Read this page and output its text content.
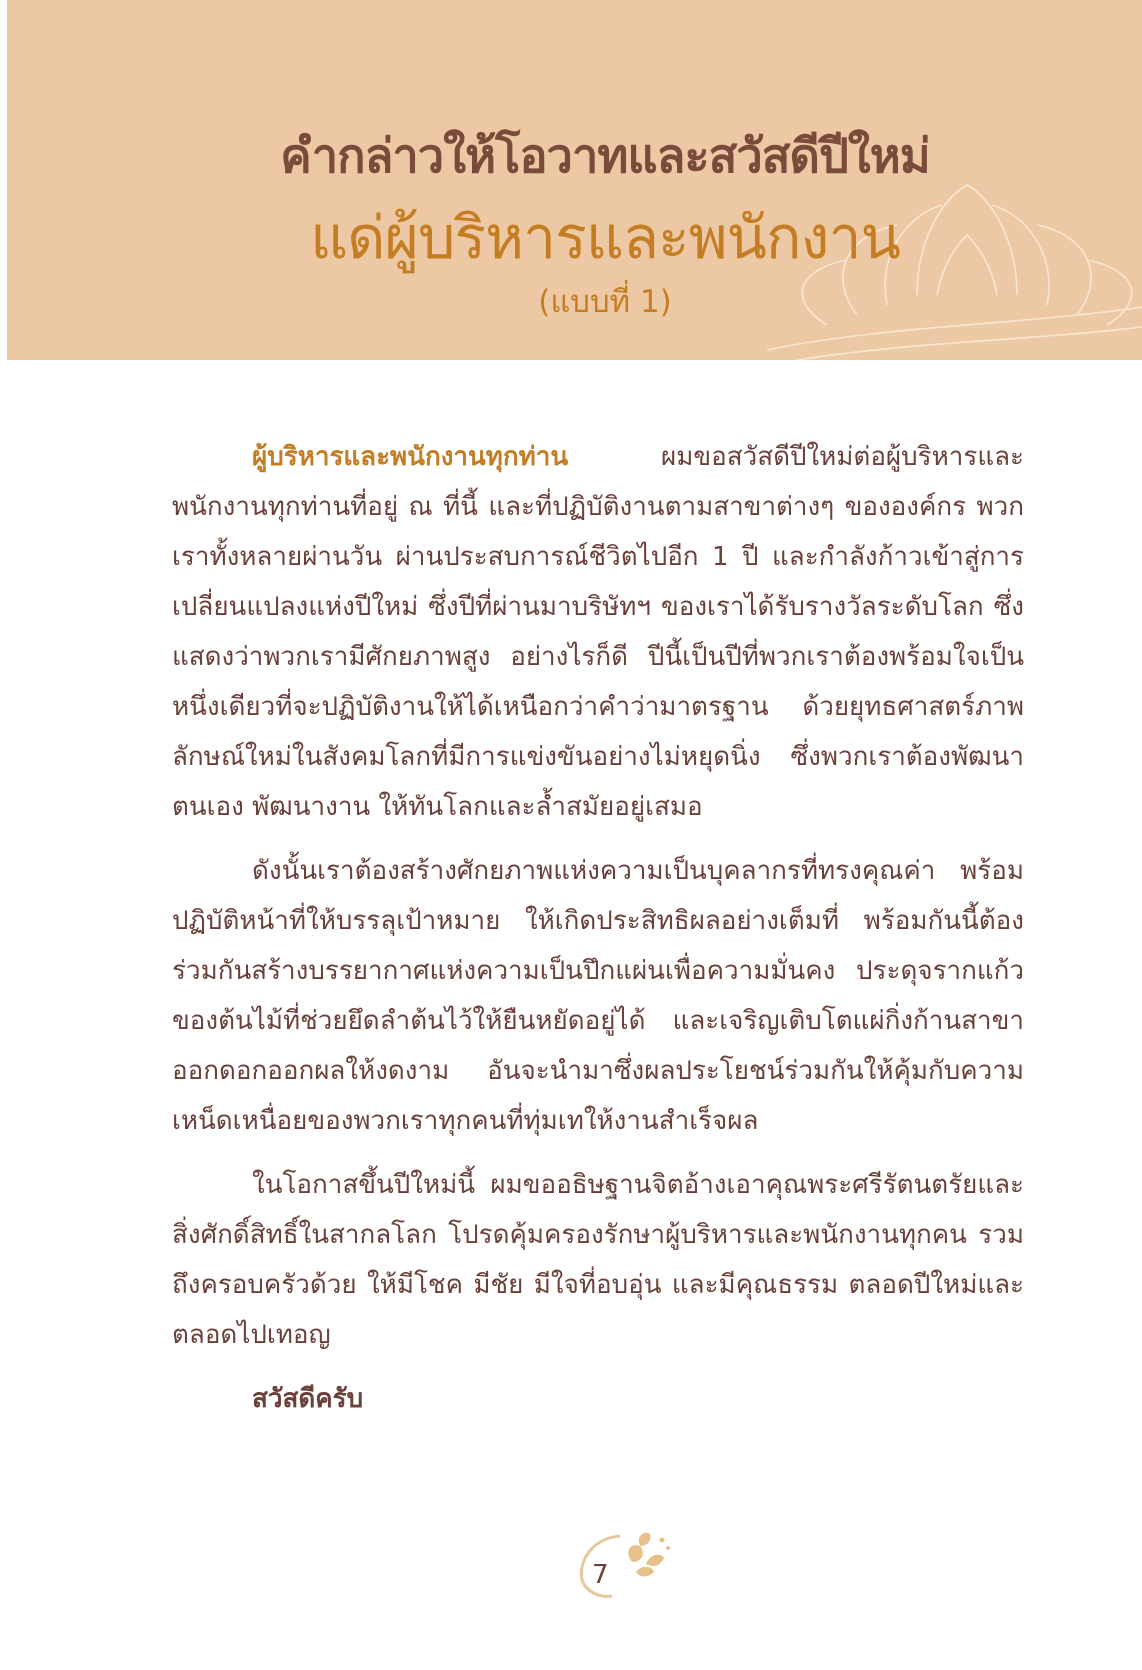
คำกล่าวให้โอวาทและสวัสดีปีใหม่
แด่ผู้บริหารและพนักงาน
(แบบที่ 1)

ผู้บริหารและพนักงานทุกท่าน ผมขอสวัสดีปีใหม่ต่อผู้บริหารและพนักงานทุกท่านที่อยู่ ณ ที่นี้ และที่ปฏิบัติงานตามสาขาต่างๆ ขององค์กร พวกเราทั้งหลายผ่านวัน ผ่านประสบการณ์ชีวิตไปอีก 1 ปี และกำลังก้าวเข้าสู่การเปลี่ยนแปลงแห่งปีใหม่ ซึ่งปีที่ผ่านมาบริษัทฯ ของเราได้รับรางวัลระดับโลก ซึ่งแสดงว่าพวกเรามีศักยภาพสูง อย่างไรก็ดี ปีนี้เป็นปีที่พวกเราต้องพร้อมใจเป็นหนึ่งเดียวที่จะปฏิบัติงานให้ได้เหนือกว่าคำว่ามาตรฐาน ด้วยยุทธศาสตร์ภาพลักษณ์ใหม่ในสังคมโลกที่มีการแข่งขันอย่างไม่หยุดนิ่ง ซึ่งพวกเราต้องพัฒนาตนเอง พัฒนางาน ให้ทันโลกและล้ำสมัยอยู่เสมอ

ดังนั้นเราต้องสร้างศักยภาพแห่งความเป็นบุคลากรที่ทรงคุณค่า พร้อมปฏิบัติหน้าที่ให้บรรลุเป้าหมาย ให้เกิดประสิทธิผลอย่างเต็มที่ พร้อมกันนี้ต้องร่วมกันสร้างบรรยากาศแห่งความเป็นปึกแผ่นเพื่อความมั่นคง ประดุจรากแก้วของต้นไม้ที่ช่วยยึดลำต้นไว้ให้ยืนหยัดอยู่ได้ และเจริญเติบโตแผ่กิ่งก้านสาขาออกดอกออกผลให้งดงาม อันจะนำมาซึ่งผลประโยชน์ร่วมกันให้คุ้มกับความเหน็ดเหนื่อยของพวกเราทุกคนที่ทุ่มเทให้งานสำเร็จผล

ในโอกาสขึ้นปีใหม่นี้ ผมขออธิษฐานจิตอ้างเอาคุณพระศรีรัตนตรัยและสิ่งศักดิ์สิทธิ์ในสากลโลก โปรดคุ้มครองรักษาผู้บริหารและพนักงานทุกคน รวมถึงครอบครัวด้วย ให้มีโชค มีชัย มีใจที่อบอุ่น และมีคุณธรรม ตลอดปีใหม่และตลอดไปเทอญ

สวัสดีครับ
7
